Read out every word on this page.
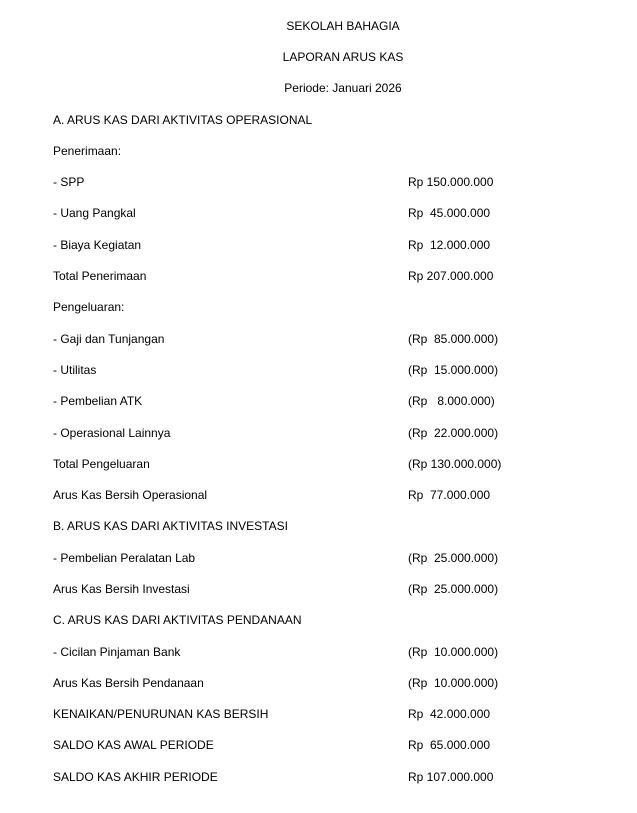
SEKOLAH BAHAGIA
LAPORAN ARUS KAS
Periode: Januari 2026
A. ARUS KAS DARI AKTIVITAS OPERASIONAL
Penerimaan:
- SPP	Rp 150.000.000
- Uang Pangkal	Rp  45.000.000
- Biaya Kegiatan	Rp  12.000.000
Total Penerimaan	Rp 207.000.000
Pengeluaran:
- Gaji dan Tunjangan	(Rp  85.000.000)
- Utilitas	(Rp  15.000.000)
- Pembelian ATK	(Rp   8.000.000)
- Operasional Lainnya	(Rp  22.000.000)
Total Pengeluaran	(Rp 130.000.000)
Arus Kas Bersih Operasional	Rp  77.000.000
B. ARUS KAS DARI AKTIVITAS INVESTASI
- Pembelian Peralatan Lab	(Rp  25.000.000)
Arus Kas Bersih Investasi	(Rp  25.000.000)
C. ARUS KAS DARI AKTIVITAS PENDANAAN
- Cicilan Pinjaman Bank	(Rp  10.000.000)
Arus Kas Bersih Pendanaan	(Rp  10.000.000)
KENAIKAN/PENURUNAN KAS BERSIH	Rp  42.000.000
SALDO KAS AWAL PERIODE	Rp  65.000.000
SALDO KAS AKHIR PERIODE	Rp 107.000.000
